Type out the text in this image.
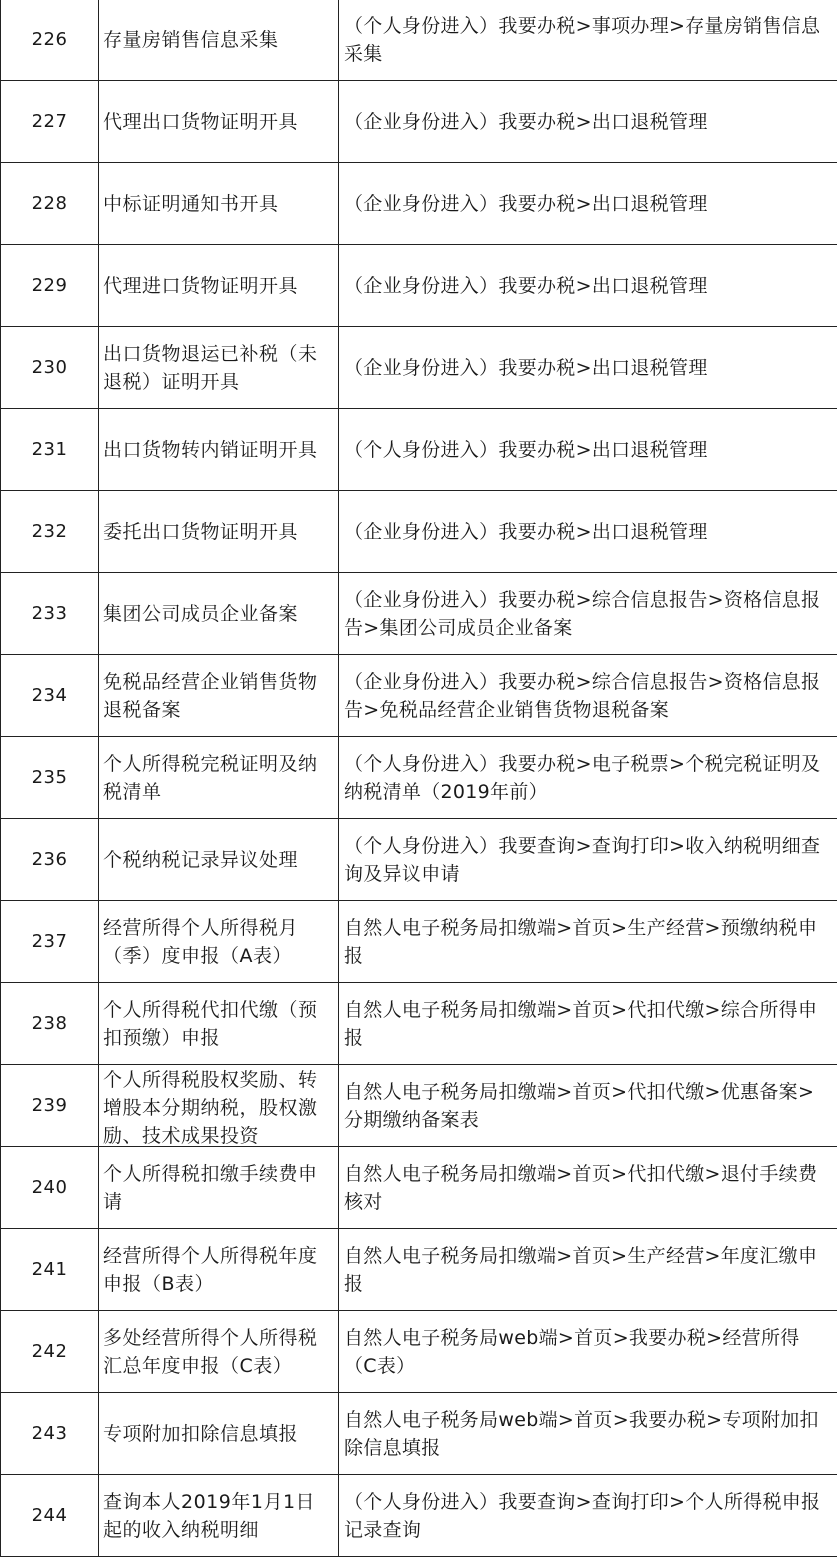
226	存量房销售信息采集	（个人身份进入）我要办税>事项办理>存量房销售信息采集

227	代理出口货物证明开具	（企业身份进入）我要办税>出口退税管理

228	中标证明通知书开具	（企业身份进入）我要办税>出口退税管理

229	代理进口货物证明开具	（企业身份进入）我要办税>出口退税管理

230	出口货物退运已补税（未退税）证明开具	（企业身份进入）我要办税>出口退税管理

231	出口货物转内销证明开具	（个人身份进入）我要办税>出口退税管理

232	委托出口货物证明开具	（企业身份进入）我要办税>出口退税管理

233	集团公司成员企业备案	（企业身份进入）我要办税>综合信息报告>资格信息报告>集团公司成员企业备案

234	免税品经营企业销售货物退税备案	（企业身份进入）我要办税>综合信息报告>资格信息报告>免税品经营企业销售货物退税备案

235	个人所得税完税证明及纳税清单	（个人身份进入）我要办税>电子税票>个税完税证明及纳税清单（2019年前）

236	个税纳税记录异议处理	（个人身份进入）我要查询>查询打印>收入纳税明细查询及异议申请

237	经营所得个人所得税月（季）度申报（A表）	自然人电子税务局扣缴端>首页>生产经营>预缴纳税申报

238	个人所得税代扣代缴（预扣预缴）申报	自然人电子税务局扣缴端>首页>代扣代缴>综合所得申报

239	个人所得税股权奖励、转增股本分期纳税，股权激励、技术成果投资	自然人电子税务局扣缴端>首页>代扣代缴>优惠备案>分期缴纳备案表

240	个人所得税扣缴手续费申请	自然人电子税务局扣缴端>首页>代扣代缴>退付手续费核对

241	经营所得个人所得税年度申报（B表）	自然人电子税务局扣缴端>首页>生产经营>年度汇缴申报

242	多处经营所得个人所得税汇总年度申报（C表）	自然人电子税务局web端>首页>我要办税>经营所得（C表）

243	专项附加扣除信息填报	自然人电子税务局web端>首页>我要办税>专项附加扣除信息填报

244	查询本人2019年1月1日起的收入纳税明细	（个人身份进入）我要查询>查询打印>个人所得税申报记录查询
